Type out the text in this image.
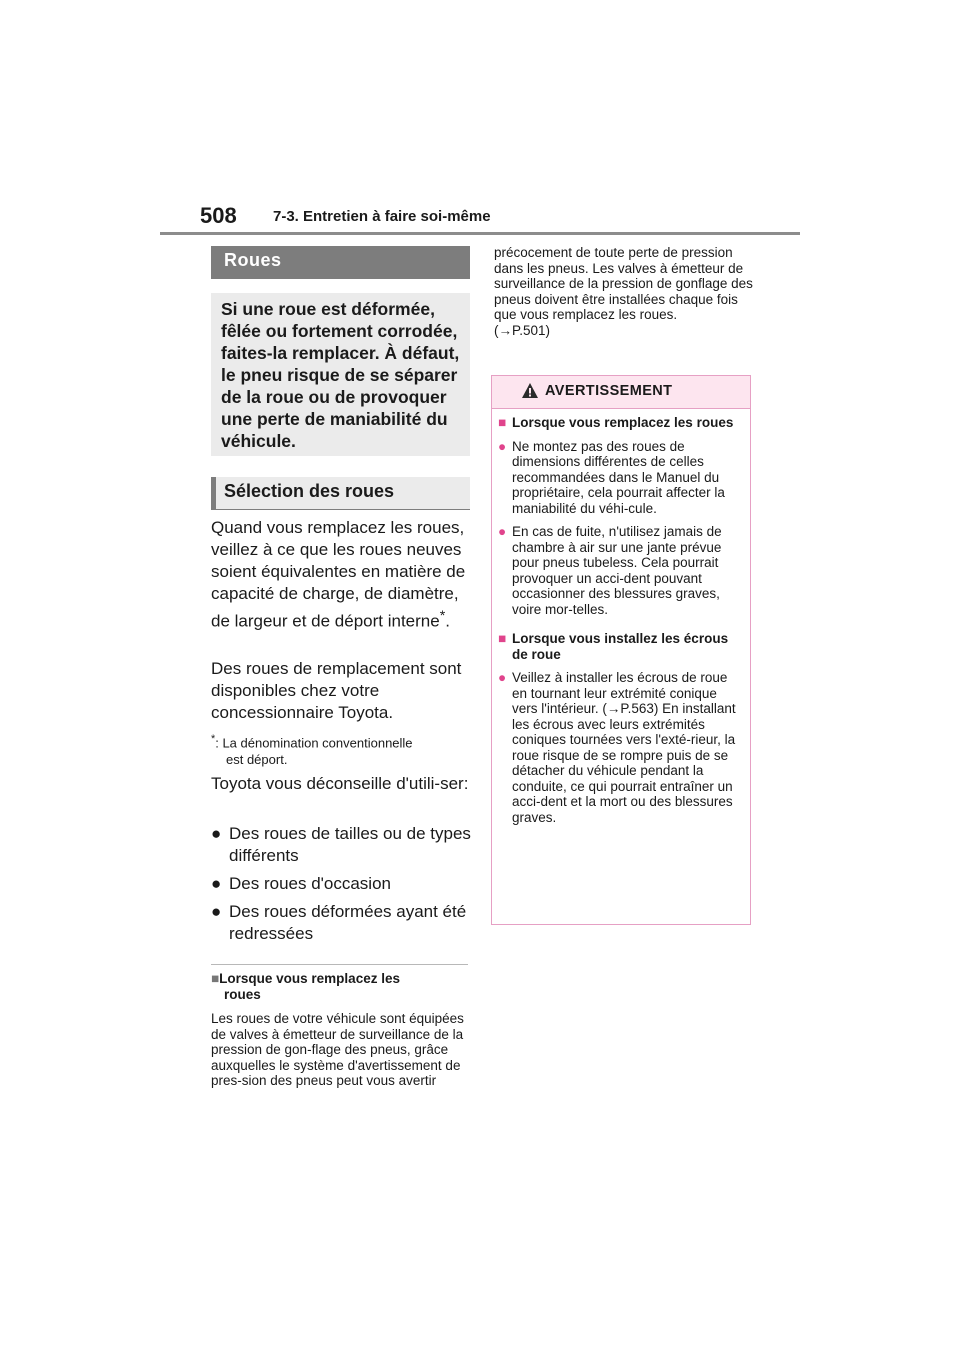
508 7-3. Entretien à faire soi-même
Roues

Si une roue est déformée, fêlée ou fortement corrodée, faites-la remplacer. À défaut, le pneu risque de se séparer de la roue ou de provoquer une perte de maniabilité du véhicule.

Sélection des roues
Quand vous remplacez les roues, veillez à ce que les roues neuves soient équivalentes en matière de capacité de charge, de diamètre, de largeur et de déport interne*.
Des roues de remplacement sont disponibles chez votre concessionnaire Toyota.
*: La dénomination conventionnelle
est déport.
Toyota vous déconseille d'utili-ser:
● Des roues de tailles ou de types différents
● Des roues d'occasion
● Des roues déformées ayant été redressées
■Lorsque vous remplacez les
roues
Les roues de votre véhicule sont équipées de valves à émetteur de surveillance de la pression de gon-flage des pneus, grâce auxquelles le système d'avertissement de pres-sion des pneus peut vous avertir
précocement de toute perte de pression dans les pneus. Les valves à émetteur de surveillance de la pression de gonflage des pneus doivent être installées chaque fois que vous remplacez les roues.
(→P.501)
AVERTISSEMENT
■ Lorsque vous remplacez les roues
● Ne montez pas des roues de dimensions différentes de celles recommandées dans le Manuel du propriétaire, cela pourrait affecter la maniabilité du véhi-cule.
● En cas de fuite, n'utilisez jamais de chambre à air sur une jante prévue pour pneus tubeless. Cela pourrait provoquer un acci-dent pouvant occasionner des blessures graves, voire mor-telles.
■ Lorsque vous installez les écrous de roue
● Veillez à installer les écrous de roue en tournant leur extrémité conique vers l'intérieur. (→P.563) En installant les écrous avec leurs extrémités coniques tournées vers l'exté-rieur, la roue risque de se rompre puis de se détacher du véhicule pendant la conduite, ce qui pourrait entraîner un acci-dent et la mort ou des blessures graves.
